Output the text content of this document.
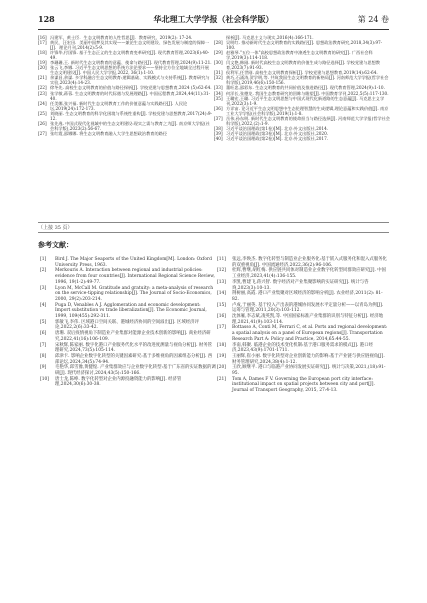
128	华北理工大学学报（社会科学版）	第 24 卷
[16] 冯建军，黄士臣．生态文明教育的人性哲思[J]．教育研究，2019(2): 17-24.
[17] 黄民，汪宏田．美丽中国梦及其实现——兼论生态文明建设、绿色发展与制度的保障一[J]．理论月刊,2014(2):5-9.
[18] 许锋华,付国锋. 基于生态正义的生态文明教育变革研究[J]. 现代教育管理,2023(6):40-49.
[19] 李珊珊,王. 新时代生态文明教育的意蕴、使命与路径[J]. 现代教育管理,2024(9):11-21.
[20] 张云飞,李娜. 习近平生态文明思想的系统方法论要求——坚持全方位全地域全过程开展生态文明建设[J]. 中国人民大学学报,2022, 36(1):1-10.
[21] 余谋昌,余谋. 多学科融合生态文明教育:逻辑基础、实践模式与支持系统[J]. 教育研究与实验,2023(4):14-23.
[22] 徐冬先. 高校生态文明教育的价值与路径探析[J]. 学校党建与思想教育,2024 (5):62-64.
[23] 张学敏,蒋蓉. 生态文明教育的时代际遇与发展理路[J]. 中国远程教育,2024,44(11):31-40.
[24] 任美娜,张兴福. 新时代生态文明教育工作的价值意蕴与实践路径[J]. 人民论坛,2019(24):172-173.
[25] 刘晓丽. 生态文明教育的科学化困境与系统性重构[J]. 学校党建与思想教育,2017(24):9-12.
[26] 张先逸. 中国式现代化视域中的生态文明建设:现实之需与教育之为[J]. 南京师大学报(社会科学版),2023(2):56-67.
[27] 张红霞,邵娜娜. 将生态文明教育融入大学生思想政治教育的路径
探析[J]. 马克思主义与现实,2016(4):166-171.
[28] 吴明红. 推动新时代生态文明教育的实践路径[J]. 思想政治教育研究,2018,34(3):97-100.
[29] 赵雅琴."五位一体"高校思想政治教育中渗透生态文明教育的研究[J]. 广西社会科学,2019(3):114-118.
[30] 闫文艳,韩刚. 新时代高校生态文明教育的价值生成与路径选择[J]. 学校党建与思想教育,2023(7):91-93.
[31] 侯利军,任世刚. 高校生态文明教育探析[J]. 学校党建与思想教育,2019(14):62-64.
[32] 黄巧,石涌涛,贺学明,等. 共筑我国生态文明教育的新格局[J]. 河南师范大学学报(哲学社会科学版),2019,46(6):150-156.
[33] 董旺忠,邵彩东. 生态文明教育的共同价值及推进路径[J]. 现代教育管理,2024(9):1-10.
[34] 何洋长,张德龙. 我国生态教育研究的回眸与瞻望[J]. 中国教育学刊,2022,5(5):117-130.
[35] 王璐宏,王璐. 习近平生态文明思想与中国式现代化新道路的生态意蕴[J]. 马克思主义学刊,2022(3):1-9.
[36] 方详宙. 论习近平生态文明思想中生态伦理智慧的生成逻辑,理论意蕴和实践价值[J]. 南京工业大学学报(社会科学版),2019(1):1-8.
[37] 岳伟,孙东明. 新时代生态文明教育的使命担当与路径选择[J]. 河南师范大学学报(哲学社会科学版),2022,(2):1-9.
[38] 习近平谈治国理政(第1卷)[M]. 北京:外文出版社,2014.
[39] 习近平谈治国理政(第3卷)[M]. 北京:外文出版社,2020.
[40] 习近平谈治国理政(第2卷)[M]. 北京:外文出版社,2017.
（上接 35 页）
参考文献：
[1]	Bird J. The Major Seaports of the United Kingdom[M]. London: Oxford University Press, 1963.
[2]	Merkouris A. Interaction between regional and industrial policies: evidence from four countries[J]. International Regional Science Review, 1996, 19(1-2):49-77.
[3]	Lyon M, McCall M. Gratitude and gratuity: a meta-analysis of research on the service-tipping relationship[J]. The Journal of Socio-Economics, 2000, 29(2):203-214.
[4]	Puga D, Venables A J. Agglomeration and economic development: Import substitution vs trade liberalization[J]. The Economic Journal, 1999, 109(455):292-311.
[5]	郭敏飞,李伟. 区域港口空间关联、港城经济协同的空间溢出[J]. 区域经济评论,2022,2(6):33-42.
[6]	唐珊. 双后疫情视角下制造业产业集群对能源企业技术创新的影响[J]. 商业经济研究,2022,41(16):106-109.
[7]	宋秋辉,陈家丽. 数字化港口产业服务代化水平的改进度测量与视角分析[J]. 财务管理研究,2024,73(5):105-114.
[8]	邱津卡. 影响企业数字化转型的关键因素研究:基于多维视角的因素组态分析[J]. 西部论坛,2024,34(5):74-94.
[9]	毛艳华,邱雪豫,黄健煌. 产业集群效应与企业数字化转型:基于广东省的实证数据的调研[J]. 现代经济探讨,2024,43(5):150-166.
[10]	唐士龙,陈峥. 数字化转型对企业内源投融资能力的影响[J]. 经济管理,2024,30(6):30-38.
[11]	张远,李焕杰. 数字化转型与制造业企业服务化:基于嵌入式服务化和混入式服务化的双重视角[J]. 中国流通经济,2022,36(2):96-106.
[12]	杜辉,曹继,胡红梅. 供应链共同体对制造业企业数字化转型同群效应研究[J]. 中国工业经济,2023,41(4):136-155.
[13]	李凯,曹建飞,蒋兴智. 数字经济对产业集聚影响的实证研究[J]. 统计与咨询,2023(3):10-13.
[14]	荆树丽,高霞. 港口产业集聚对区域经济的影响分析[J]. 农业经济,2011(2): 81-82.
[15]	卢成,于丽英. 基于投入产出表的港城协同发展水平定量分析——以青岛为例[J]. 运筹与管理,2011,20(3):103-112.
[16]	沈体雁,李志斌,凌英凯,等. 中国国家标准产业集群的识别与特征分析[J]. 经济地理,2021,41(9):103-114.
[17]	Bottasso A, Conti M, Ferrari C, et al. Ports and regional development: a spatial analysis on a panel of European regions[J]. Transportation Research Part A: Policy and Practice, 2014,65:44-55.
[18]	李南,韩聚. 临港企业的技术变化机制:基于港口服务需求的模式[J]. 港口经济,2023,43(9):1701-1711.
[19]	王丽辉,崔小丽. 数字化转型对企业创新能力的影响:基于产业链与供应链视角[J]. 财务管理研究,2024,38(4):1-12.
[20]	王欣,顾继平. 港口与临港产业协同发展实证研究[J]. 统计与决策,2021,(18):91-95.
[21]	Tom A, Dames F V. Governing the European port city interface: institutional impact on spatial projects between city and port[J]. Journal of Transport Geography, 2015, 27:4-13.
